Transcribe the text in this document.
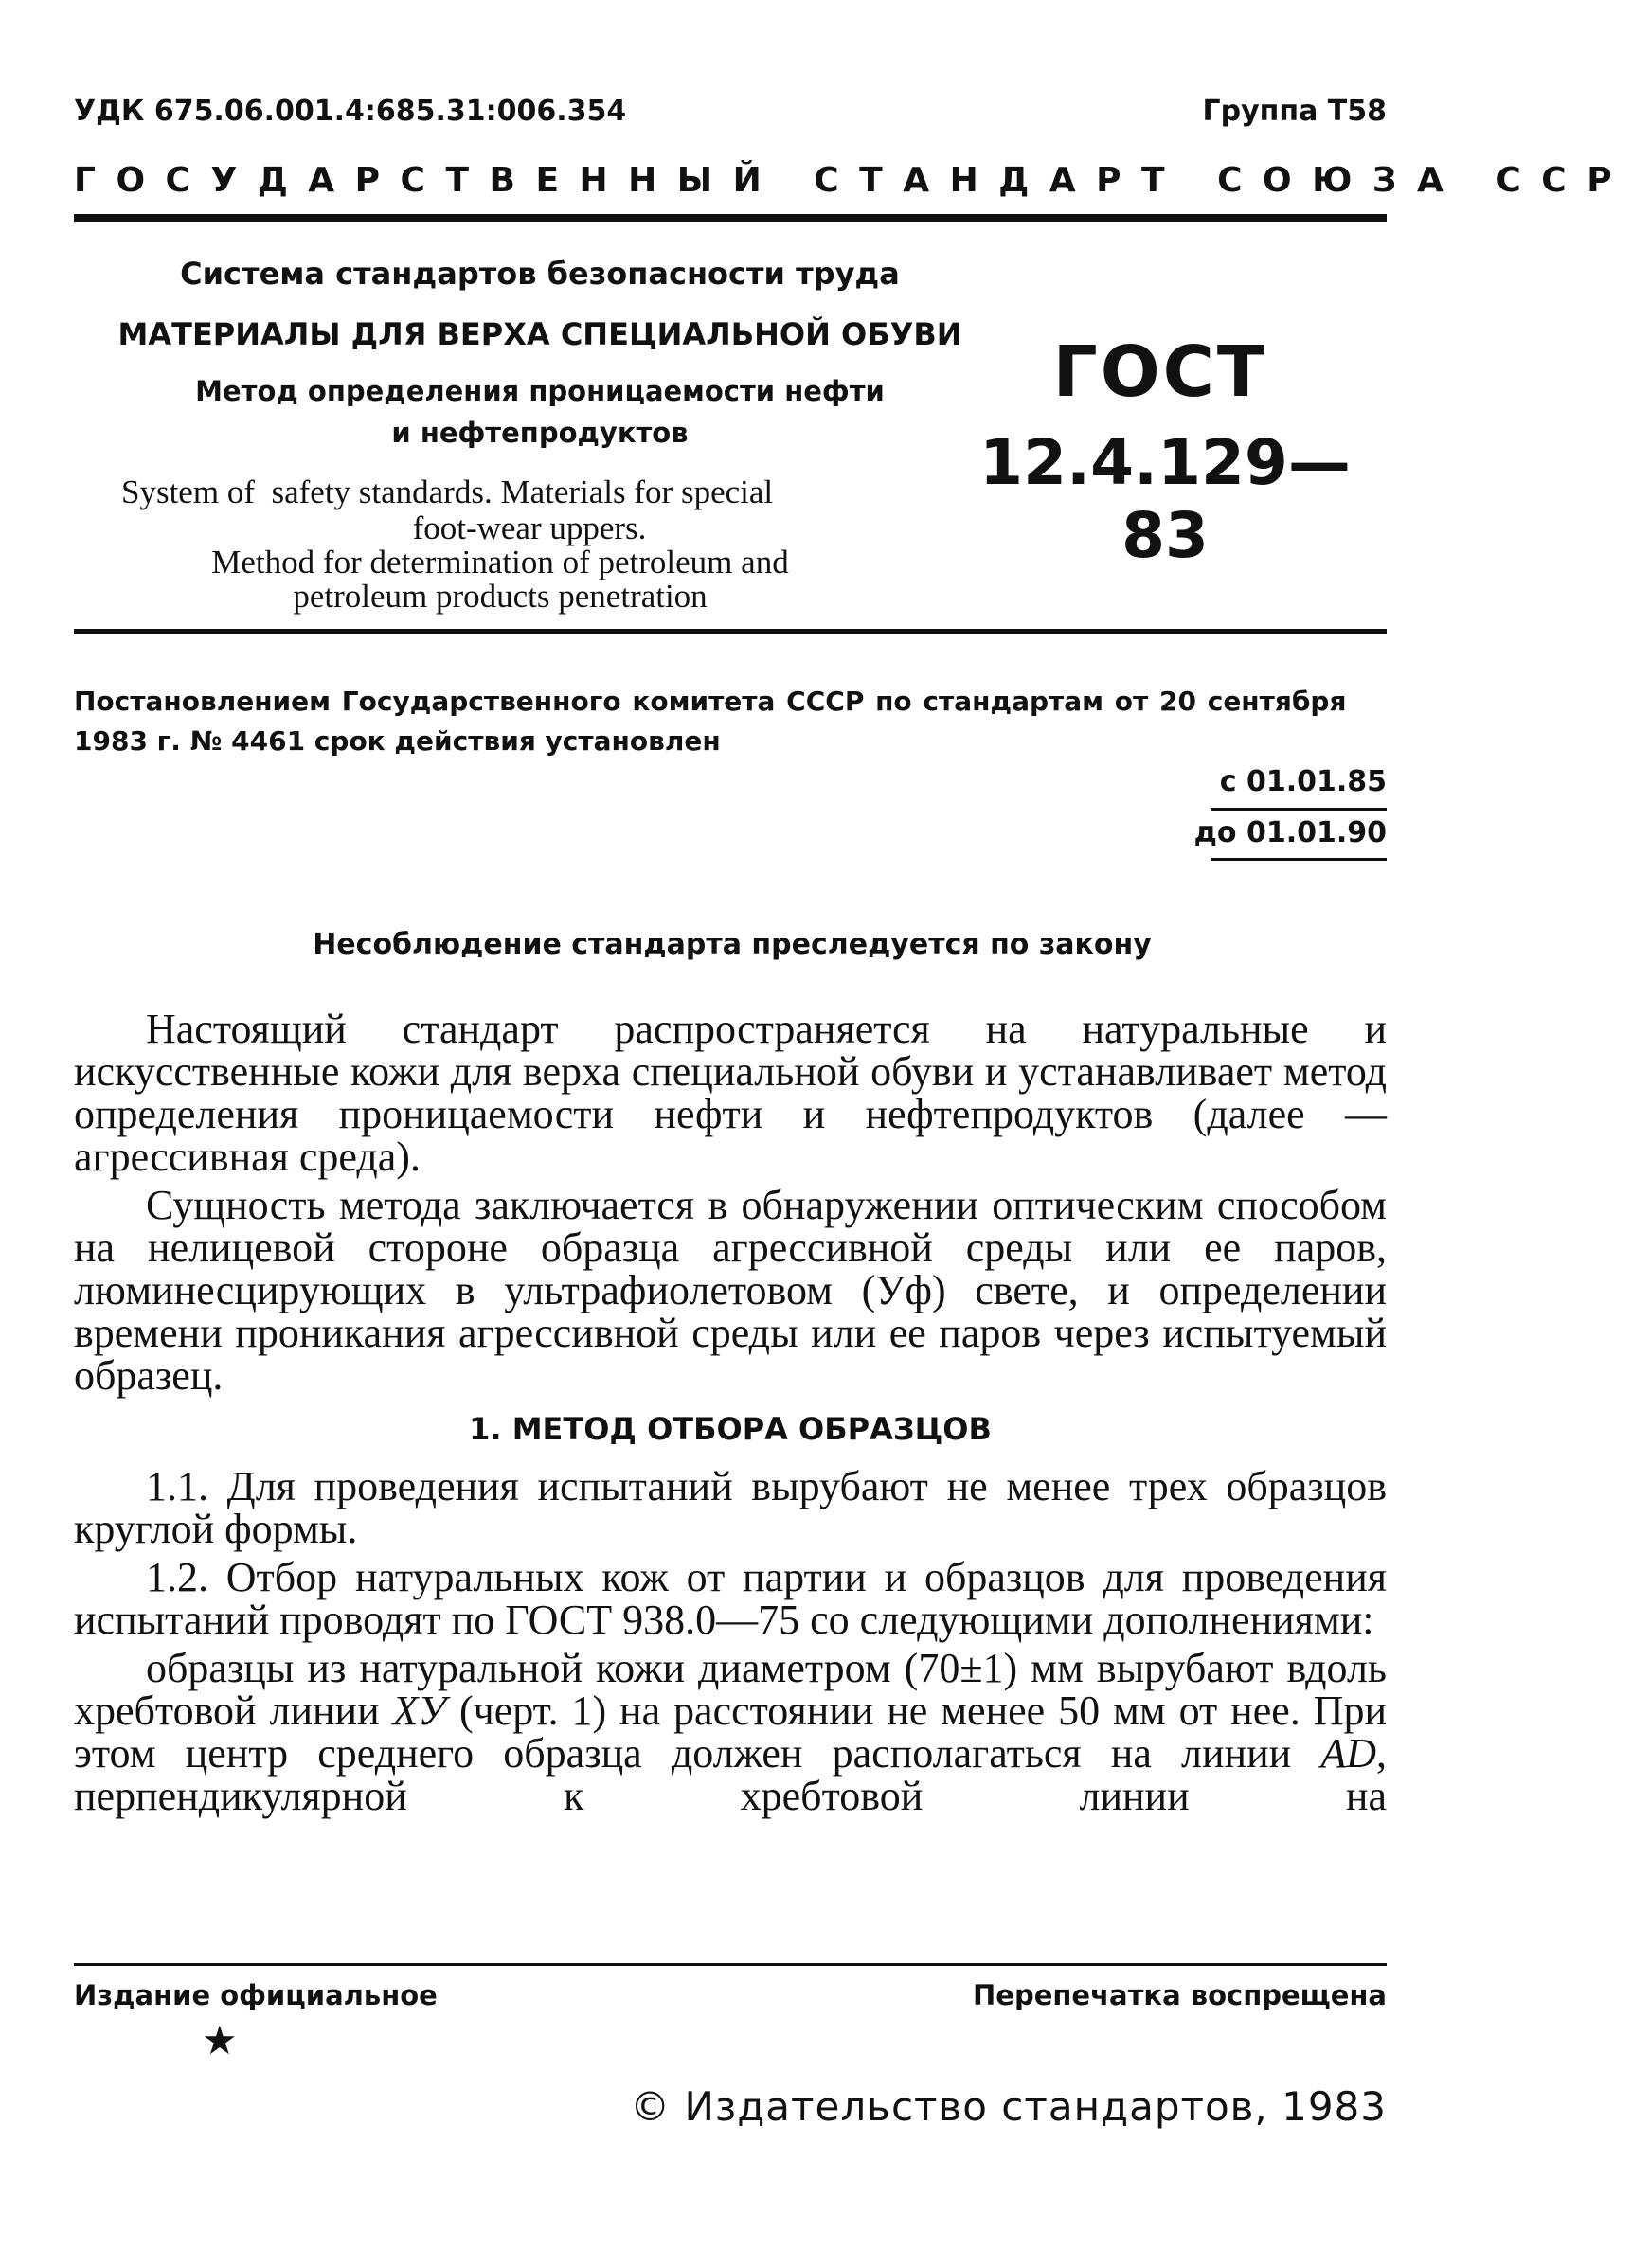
УДК 675.06.001.4:685.31:006.354	Группа Т58
ГОСУДАРСТВЕННЫЙ СТАНДАРТ СОЮЗА ССР
Система стандартов безопасности труда
МАТЕРИАЛЫ ДЛЯ ВЕРХА СПЕЦИАЛЬНОЙ ОБУВИ
Метод определения проницаемости нефти
и нефтепродуктов
System of  safety standards. Materials for special
foot-wear uppers.
Method for determination of petroleum and
petroleum products penetration
ГОСТ
12.4.129—83
Постановлением Государственного комитета СССР по стандартам от 20 сентября
1983 г. № 4461 срок действия установлен
с 01.01.85
до 01.01.90
Несоблюдение стандарта преследуется по закону

Настоящий стандарт распространяется на натуральные и искусственные кожи для верха специальной обуви и устанавливает метод определения проницаемости нефти и нефтепродуктов (далее — агрессивная среда).

Сущность метода заключается в обнаружении оптическим способом на нелицевой стороне образца агрессивной среды или ее паров, люминесцирующих в ультрафиолетовом (Уф) свете, и определении времени проникания агрессивной среды или ее паров через испытуемый образец.

1. МЕТОД ОТБОРА ОБРАЗЦОВ

1.1. Для проведения испытаний вырубают не менее трех образцов круглой формы.

1.2. Отбор натуральных кож от партии и образцов для проведения испытаний проводят по ГОСТ 938.0—75 со следующими дополнениями:

образцы из натуральной кожи диаметром (70±1) мм вырубают вдоль хребтовой линии ХУ (черт. 1) на расстоянии не менее 50 мм от нее. При этом центр среднего образца должен располагаться на линии AD, перпендикулярной к хребтовой линии на

Издание официальное	Перепечатка воспрещена
★
© Издательство стандартов, 1983
